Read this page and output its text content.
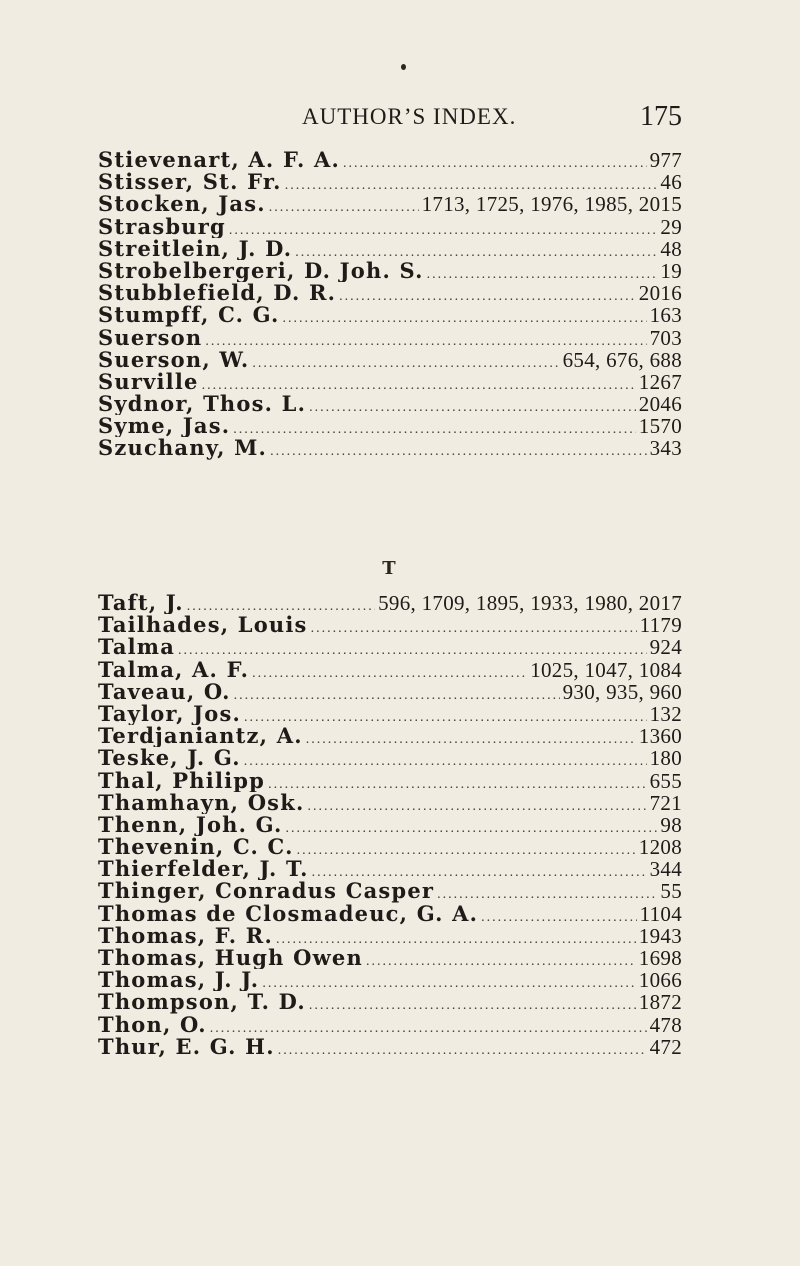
AUTHOR’S INDEX.	175
Stievenart, A. F. A. .....	977
Stisser, St. Fr. .....	46
Stocken, Jas. .....	1713, 1725, 1976, 1985, 2015
Strasburg .....	29
Streitlein, J. D. .....	48
Strobelbergeri, D. Joh. S. .....	19
Stubblefield, D. R. .....	2016
Stumpff, C. G. .....	163
Suerson .....	703
Suerson, W. .....	654, 676, 688
Surville .....	1267
Sydnor, Thos. L. .....	2046
Syme, Jas. .....	1570
Szuchany, M. .....	343
T
Taft, J. .....	596, 1709, 1895, 1933, 1980, 2017
Tailhades, Louis .....	1179
Talma .....	924
Talma, A. F. .....	1025, 1047, 1084
Taveau, O. .....	930, 935, 960
Taylor, Jos. .....	132
Terdjaniantz, A. .....	1360
Teske, J. G. .....	180
Thal, Philipp .....	655
Thamhayn, Osk. .....	721
Thenn, Joh. G. .....	98
Thevenin, C. C. .....	1208
Thierfelder, J. T. .....	344
Thinger, Conradus Casper .....	55
Thomas de Closmadeuc, G. A. .....	1104
Thomas, F. R. .....	1943
Thomas, Hugh Owen .....	1698
Thomas, J. J. .....	1066
Thompson, T. D. .....	1872
Thon, O. .....	478
Thur, E. G. H. .....	472
